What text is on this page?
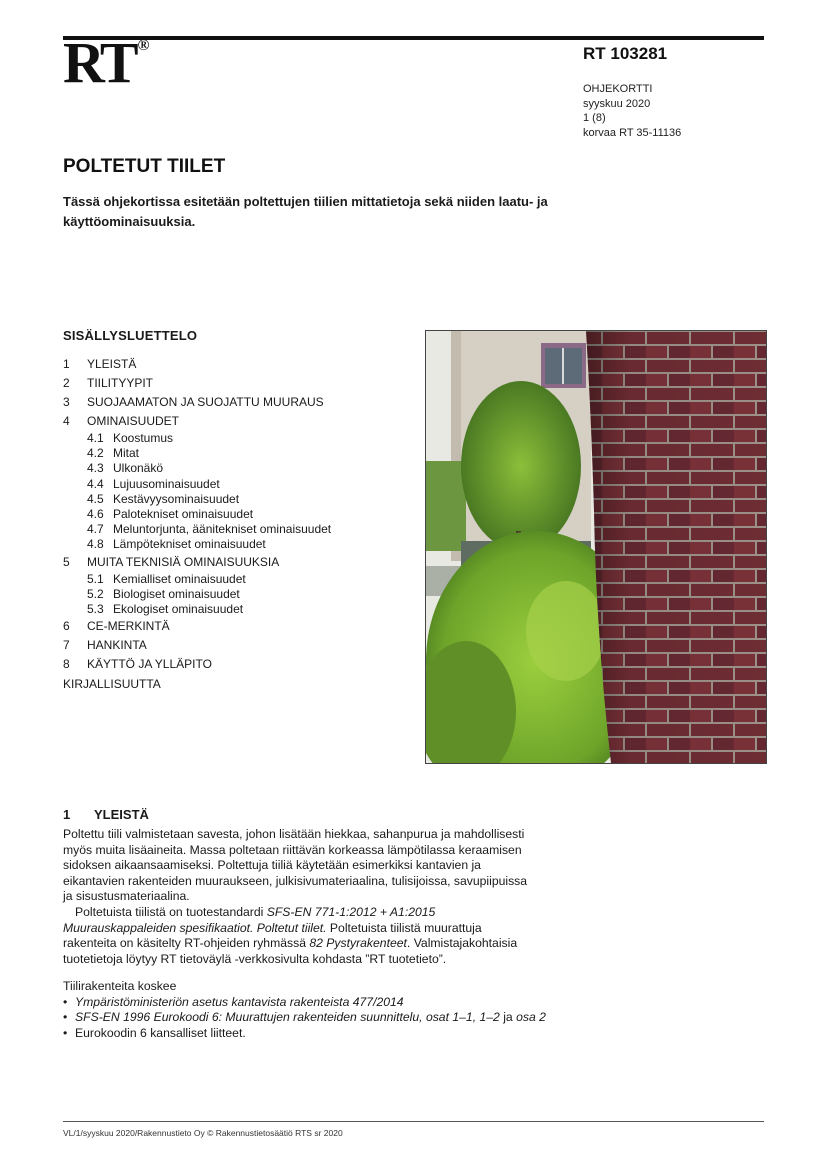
RT ®	RT 103281
OHJEKORTTI
syyskuu 2020
1 (8)
korvaa RT 35-11136
POLTETUT TIILET

Tässä ohjekortissa esitetään poltettujen tiilien mittatietoja sekä niiden laatu- ja käyttöominaisuuksia.

SISÄLLYSLUETTELO
1	YLEISTÄ
2	TIILITYYPIT
3	SUOJAAMATON JA SUOJATTU MUURAUS
4	OMINAISUUDET
4.1 Koostumus
4.2 Mitat
4.3 Ulkonäkö
4.4 Lujuusominaisuudet
4.5 Kestävyysominaisuudet
4.6 Palotekniset ominaisuudet
4.7 Meluntorjunta, äänitekniset ominaisuudet
4.8 Lämpötekniset ominaisuudet
5	MUITA TEKNISIÄ OMINAISUUKSIA
5.1 Kemialliset ominaisuudet
5.2 Biologiset ominaisuudet
5.3 Ekologiset ominaisuudet
6	CE-MERKINTÄ
7	HANKINTA
8	KÄYTTÖ JA YLLÄPITO
KIRJALLISUUTTA
1 YLEISTÄ

Poltettu tiili valmistetaan savesta, johon lisätään hiekkaa, sahanpurua ja mahdollisesti myös muita lisäaineita. Massa poltetaan riittävän korkeassa lämpötilassa keraamisen sidoksen aikaansaamiseksi. Poltettuja tiiliä käytetään esimerkiksi kantavien ja eikantavien rakenteiden muuraukseen, julkisivumateriaalina, tulisijoissa, savupiipuissa ja sisustusmateriaalina.

Poltetuista tiilistä on tuotestandardi SFS-EN 771-1:2012 + A1:2015 Muurauskappaleiden spesifikaatiot. Poltetut tiilet. Poltetuista tiilistä muurattuja rakenteita on käsitelty RT-ohjeiden ryhmässä 82 Pystyrakenteet. Valmistajakohtaisia tuotetietoja löytyy RT tietoväylä -verkkosivulta kohdasta ”RT tuotetieto”.

Tiilirakenteita koskee
• Ympäristöministeriön asetus kantavista rakenteista 477/2014
• SFS-EN 1996 Eurokoodi 6: Muurattujen rakenteiden suunnittelu, osat 1–1, 1–2 ja osa 2
• Eurokoodin 6 kansalliset liitteet.
VL/1/syyskuu 2020/Rakennustieto Oy © Rakennustietosäätiö RTS sr 2020
